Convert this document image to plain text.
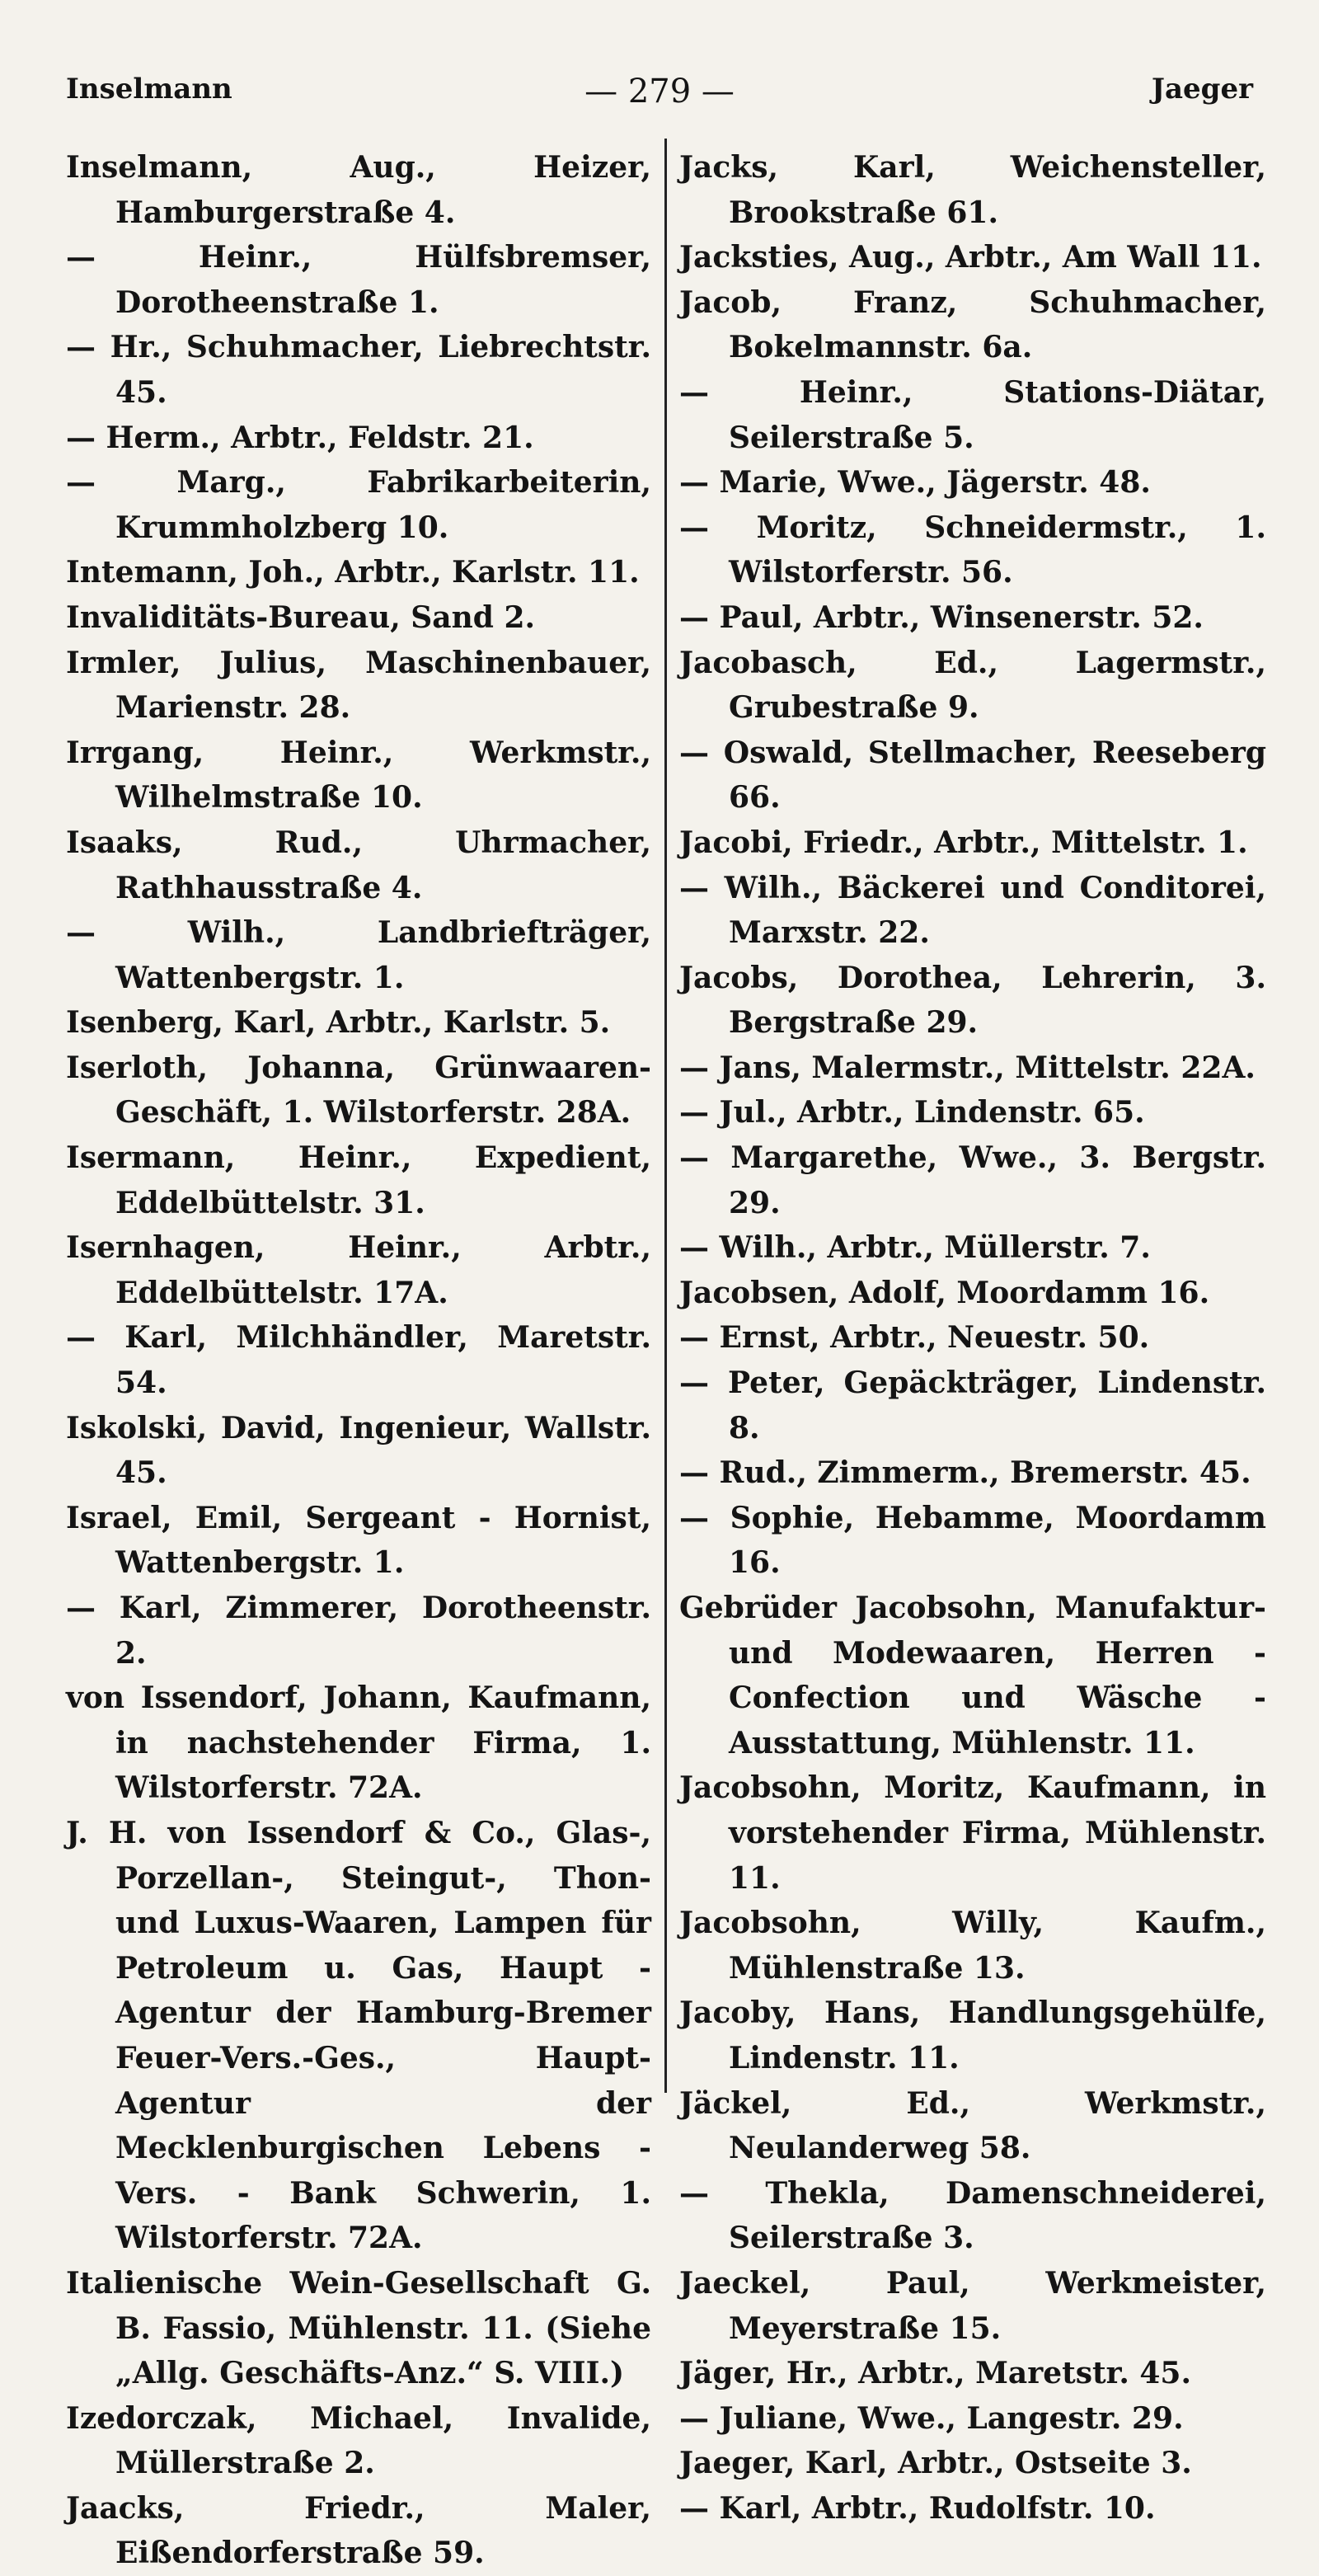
Inselmann	— 279 —	Jaeger
Inselmann, Aug., Heizer, Hamburgerstraße 4.
— Heinr., Hülfsbremser, Dorotheenstraße 1.
— Hr., Schuhmacher, Liebrechtstr. 45.
— Herm., Arbtr., Feldstr. 21.
— Marg., Fabrikarbeiterin, Krummholzberg 10.
Intemann, Joh., Arbtr., Karlstr. 11.
Invaliditäts-Bureau, Sand 2.
Irmler, Julius, Maschinenbauer, Marienstr. 28.
Irrgang, Heinr., Werkmstr., Wilhelmstraße 10.
Isaaks, Rud., Uhrmacher, Rathhausstraße 4.
— Wilh., Landbriefträger, Wattenbergstr. 1.
Isenberg, Karl, Arbtr., Karlstr. 5.
Iserloth, Johanna, Grünwaaren-Geschäft, 1. Wilstorferstr. 28A.
Isermann, Heinr., Expedient, Eddelbüttelstr. 31.
Isernhagen, Heinr., Arbtr., Eddelbüttelstr. 17A.
— Karl, Milchhändler, Maretstr. 54.
Iskolski, David, Ingenieur, Wallstr. 45.
Israel, Emil, Sergeant - Hornist, Wattenbergstr. 1.
— Karl, Zimmerer, Dorotheenstr. 2.
von Issendorf, Johann, Kaufmann, in nachstehender Firma, 1. Wilstorferstr. 72A.
J. H. von Issendorf & Co., Glas-, Porzellan-, Steingut-, Thon- und Luxus-Waaren, Lampen für Petroleum u. Gas, Haupt - Agentur der Hamburg-Bremer Feuer-Vers.-Ges., Haupt-Agentur der Mecklenburgischen Lebens - Vers. - Bank Schwerin, 1. Wilstorferstr. 72A.
Italienische Wein-Gesellschaft G. B. Fassio, Mühlenstr. 11. (Siehe „Allg. Geschäfts-Anz.“ S. VIII.)
Izedorczak, Michael, Invalide, Müllerstraße 2.
Jaacks, Friedr., Maler, Eißendorferstraße 59.
Jacks, Karl, Weichensteller, Brookstraße 61.
Jacksties, Aug., Arbtr., Am Wall 11.
Jacob, Franz, Schuhmacher, Bokelmannstr. 6a.
— Heinr., Stations-Diätar, Seilerstraße 5.
— Marie, Wwe., Jägerstr. 48.
— Moritz, Schneidermstr., 1. Wilstorferstr. 56.
— Paul, Arbtr., Winsenerstr. 52.
Jacobasch, Ed., Lagermstr., Grubestraße 9.
— Oswald, Stellmacher, Reeseberg 66.
Jacobi, Friedr., Arbtr., Mittelstr. 1.
— Wilh., Bäckerei und Conditorei, Marxstr. 22.
Jacobs, Dorothea, Lehrerin, 3. Bergstraße 29.
— Jans, Malermstr., Mittelstr. 22A.
— Jul., Arbtr., Lindenstr. 65.
— Margarethe, Wwe., 3. Bergstr. 29.
— Wilh., Arbtr., Müllerstr. 7.
Jacobsen, Adolf, Moordamm 16.
— Ernst, Arbtr., Neuestr. 50.
— Peter, Gepäckträger, Lindenstr. 8.
— Rud., Zimmerm., Bremerstr. 45.
— Sophie, Hebamme, Moordamm 16.
Gebrüder Jacobsohn, Manufaktur- und Modewaaren, Herren - Confection und Wäsche - Ausstattung, Mühlenstr. 11.
Jacobsohn, Moritz, Kaufmann, in vorstehender Firma, Mühlenstr. 11.
Jacobsohn, Willy, Kaufm., Mühlenstraße 13.
Jacoby, Hans, Handlungsgehülfe, Lindenstr. 11.
Jäckel, Ed., Werkmstr., Neulanderweg 58.
— Thekla, Damenschneiderei, Seilerstraße 3.
Jaeckel, Paul, Werkmeister, Meyerstraße 15.
Jäger, Hr., Arbtr., Maretstr. 45.
— Juliane, Wwe., Langestr. 29.
Jaeger, Karl, Arbtr., Ostseite 3.
— Karl, Arbtr., Rudolfstr. 10.
